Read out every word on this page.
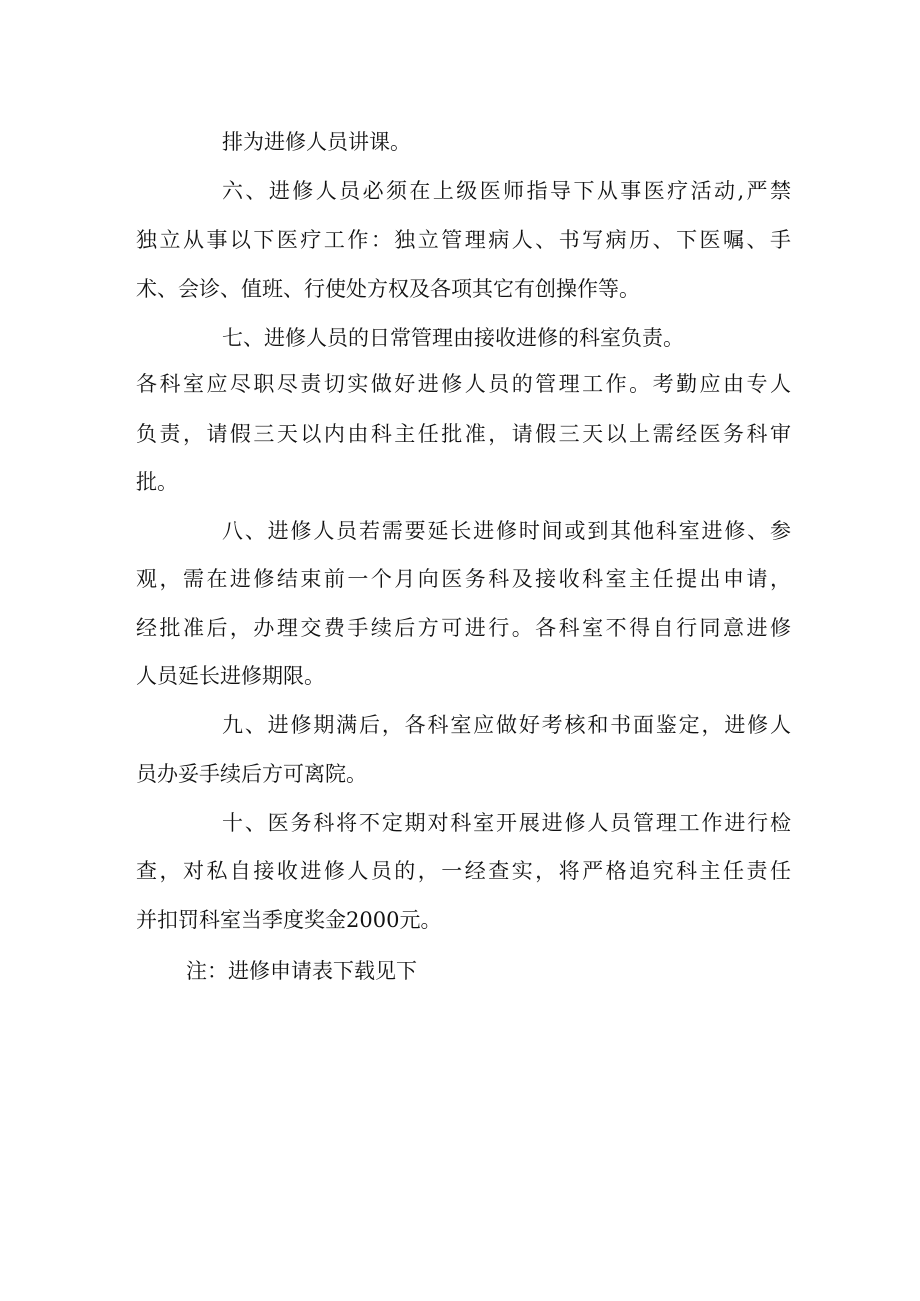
排为进修人员讲课。
六、进修人员必须在上级医师指导下从事医疗活动,严禁
独立从事以下医疗工作：独立管理病人、书写病历、下医嘱、手
术、会诊、值班、行使处方权及各项其它有创操作等。
七、进修人员的日常管理由接收进修的科室负责。
各科室应尽职尽责切实做好进修人员的管理工作。考勤应由专人
负责，请假三天以内由科主任批准，请假三天以上需经医务科审
批。
八、进修人员若需要延长进修时间或到其他科室进修、参
观，需在进修结束前一个月向医务科及接收科室主任提出申请，
经批准后，办理交费手续后方可进行。各科室不得自行同意进修
人员延长进修期限。
九、进修期满后，各科室应做好考核和书面鉴定，进修人
员办妥手续后方可离院。
十、医务科将不定期对科室开展进修人员管理工作进行检
查，对私自接收进修人员的，一经查实，将严格追究科主任责任
并扣罚科室当季度奖金2000元。
注：进修申请表下载见下
